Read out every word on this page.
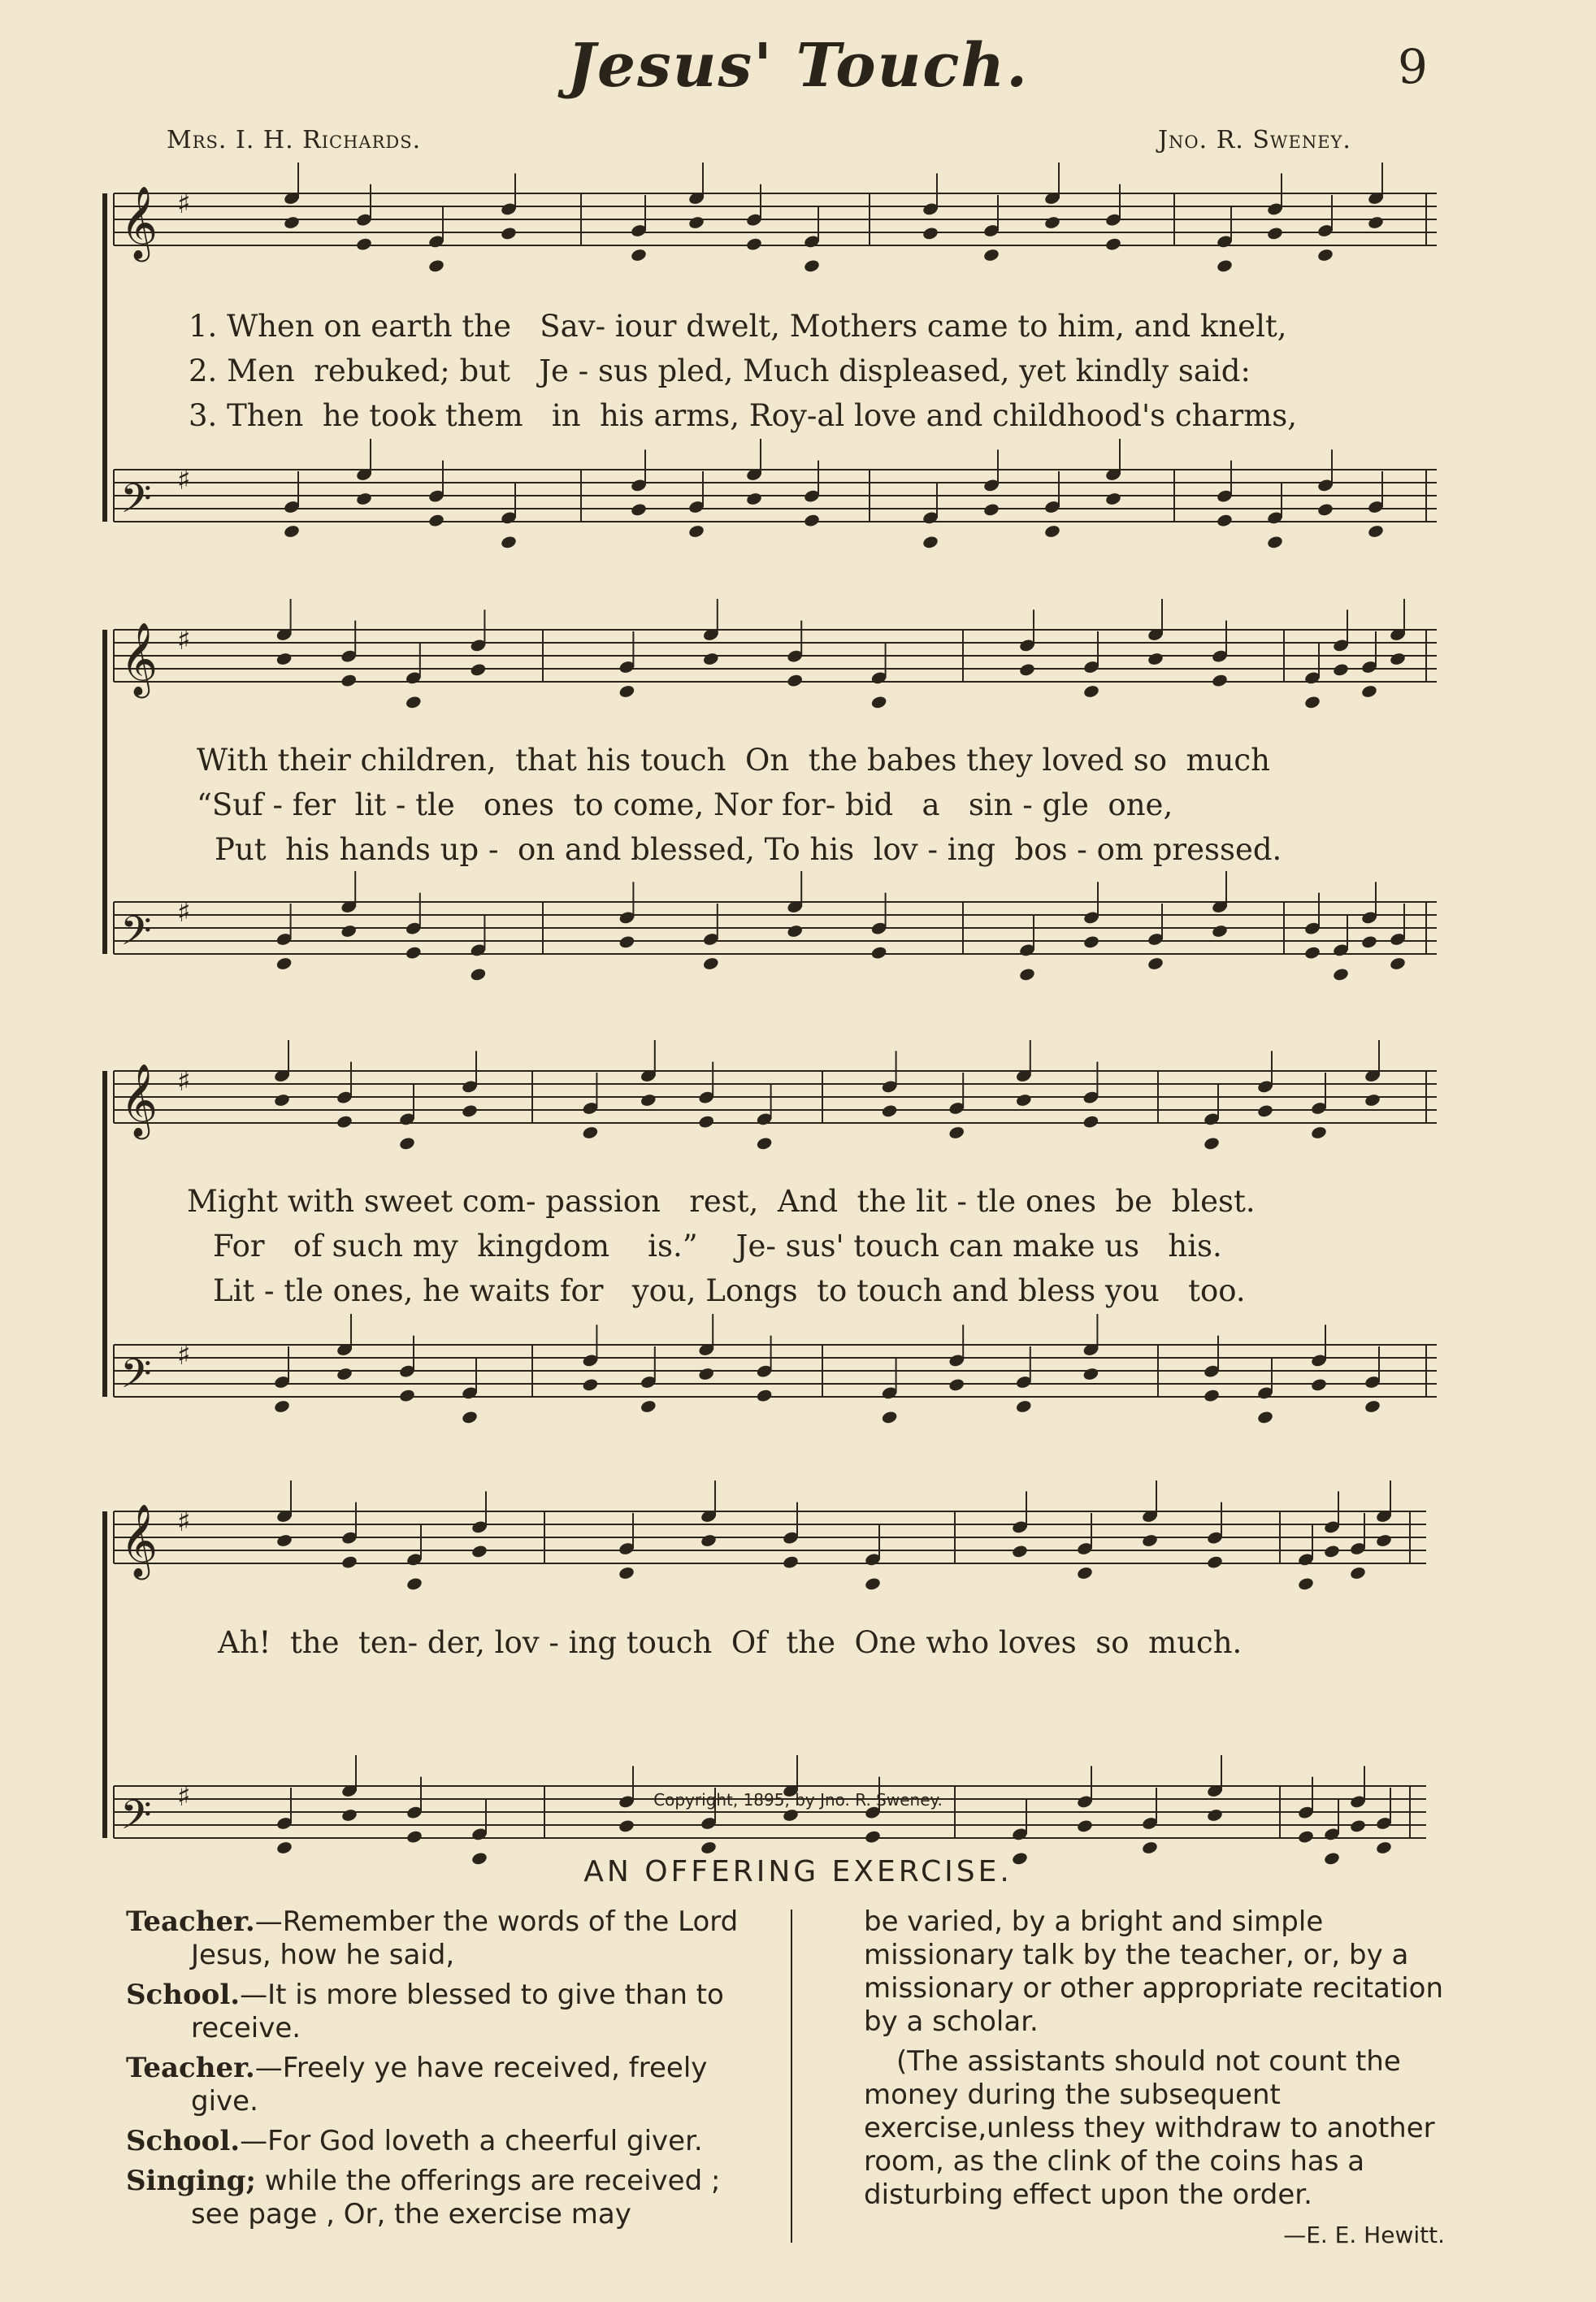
Jesus' Touch.	9
Mrs. I. H. Richards.	Jno. R. Sweney.
𝄞 ♯
𝄢 ♯
𝄞 ♯
𝄢 ♯
𝄞 ♯
𝄢 ♯
𝄞 ♯
𝄢 ♯
1. When on earth the   Sav- iour dwelt, Mothers came to him, and knelt,
2. Men  rebuked; but   Je - sus pled, Much displeased, yet kindly said:
3. Then  he took them   in  his arms, Roy-al love and childhood's charms,
With their children,  that his touch  On  the babes they loved so  much
“Suf - fer  lit - tle   ones  to come, Nor for- bid   a   sin - gle  one,
Put  his hands up -  on and blessed, To his  lov - ing  bos - om pressed.
Might with sweet com- passion   rest,  And  the lit - tle ones  be  blest.
For   of such my  kingdom    is.”    Je- sus' touch can make us   his.
Lit - tle ones, he waits for   you, Longs  to touch and bless you   too.
Ah!  the  ten- der, lov - ing touch  Of  the  One who loves  so  much.
Copyright, 1895, by Jno. R. Sweney.
AN OFFERING EXERCISE.
Teacher.—Remember the words of the Lord Jesus, how he said,
School.—It is more blessed to give than to receive.
Teacher.—Freely ye have received, freely give.
School.—For God loveth a cheerful giver.
Singing; while the offerings are received ; see page , Or, the exercise may
be varied, by a bright and simple missionary talk by the teacher, or, by a missionary or other appropriate recitation by a scholar.
(The assistants should not count the money during the subsequent exercise,unless they withdraw to another room, as the clink of the coins has a disturbing effect upon the order.
—E. E. Hewitt.
